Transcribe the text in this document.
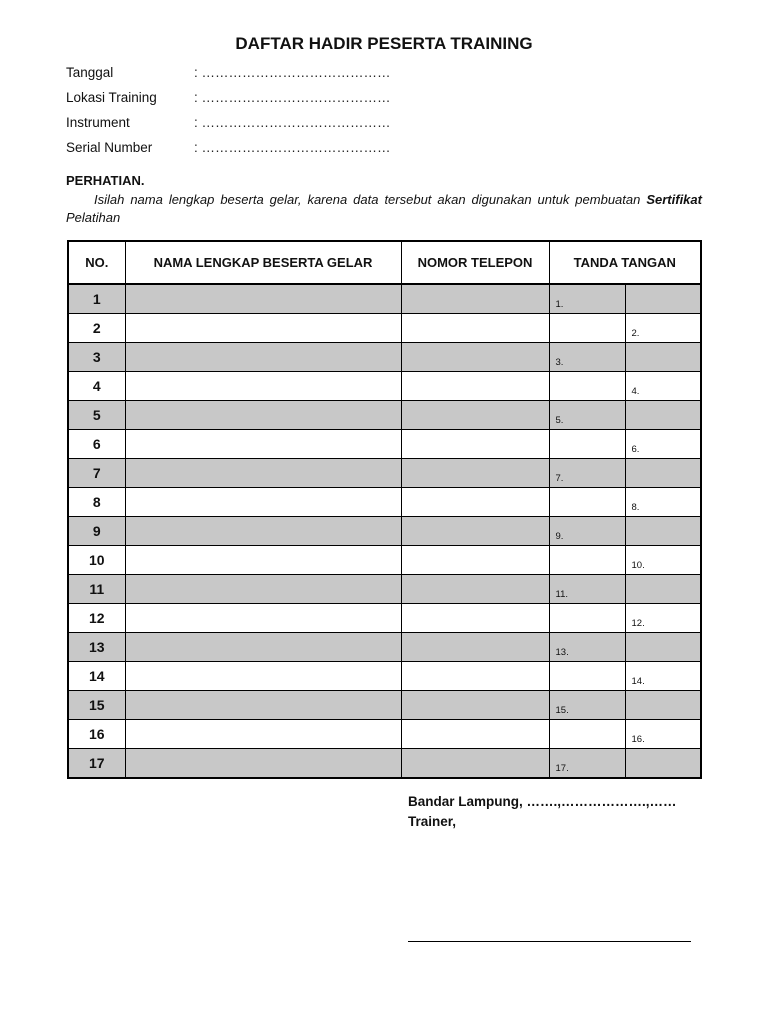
DAFTAR HADIR PESERTA TRAINING
Tanggal	: ……………………………………
Lokasi Training	: ……………………………………
Instrument	: ……………………………………
Serial Number	: ……………………………………
PERHATIAN.
Isilah nama lengkap beserta gelar, karena data tersebut akan digunakan untuk pembuatan Sertifikat Pelatihan
NO.	NAMA LENGKAP BESERTA GELAR	NOMOR TELEPON	TANDA TANGAN	
1			1.	

2				2.

3			3.	

4				4.

5			5.	

6				6.

7			7.	

8				8.

9			9.	

10				10.

11			11.	

12				12.

13			13.	

14				14.

15			15.	

16				16.

17			17.	

Bandar Lampung, …….,……………….,……
Trainer,
